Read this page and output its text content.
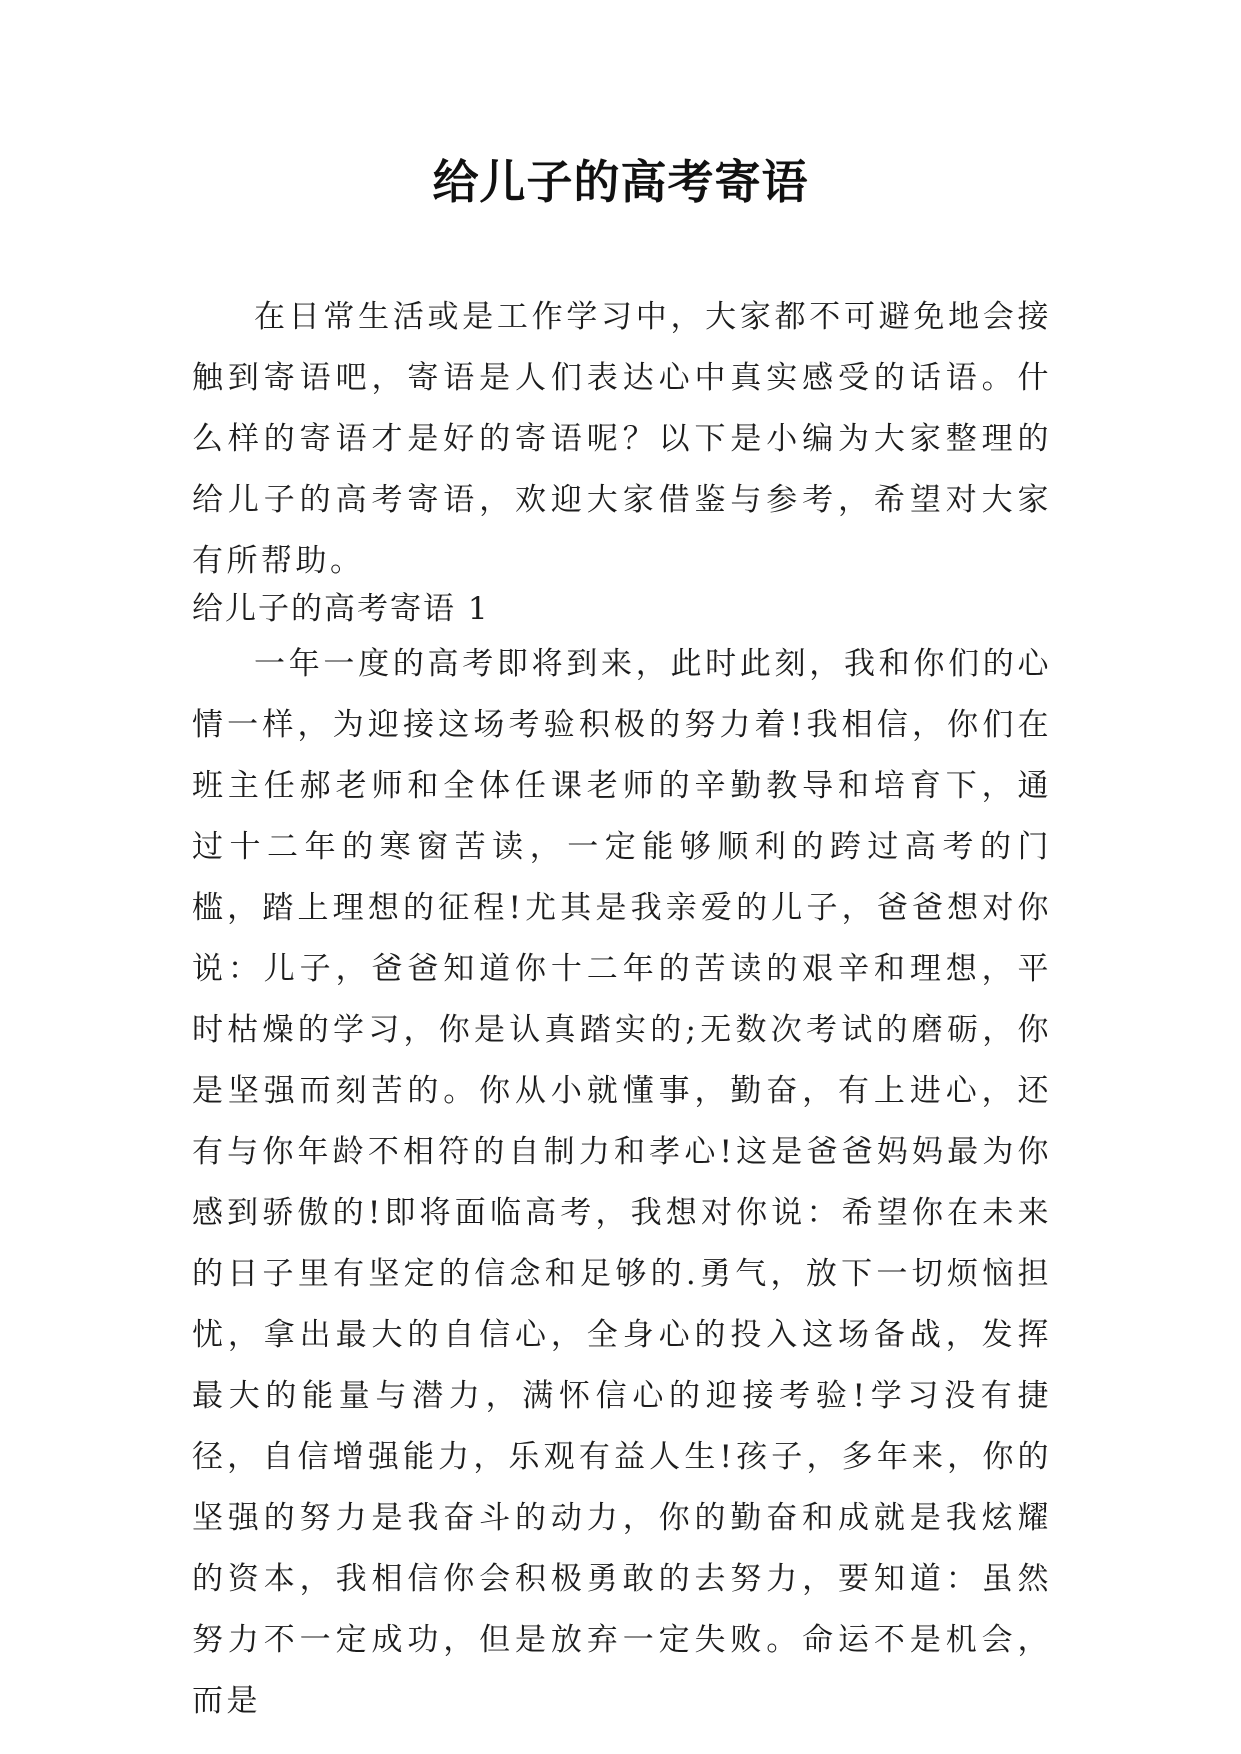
给儿子的高考寄语
在日常生活或是工作学习中，大家都不可避免地会接触到寄语吧，寄语是人们表达心中真实感受的话语。什么样的寄语才是好的寄语呢？以下是小编为大家整理的给儿子的高考寄语，欢迎大家借鉴与参考，希望对大家有所帮助。
给儿子的高考寄语 1
一年一度的高考即将到来，此时此刻，我和你们的心情一样，为迎接这场考验积极的努力着!我相信，你们在班主任郝老师和全体任课老师的辛勤教导和培育下，通过十二年的寒窗苦读，一定能够顺利的跨过高考的门槛，踏上理想的征程!尤其是我亲爱的儿子，爸爸想对你说：儿子，爸爸知道你十二年的苦读的艰辛和理想，平时枯燥的学习，你是认真踏实的;无数次考试的磨砺，你是坚强而刻苦的。你从小就懂事，勤奋，有上进心，还有与你年龄不相符的自制力和孝心!这是爸爸妈妈最为你感到骄傲的!即将面临高考，我想对你说：希望你在未来的日子里有坚定的信念和足够的.勇气，放下一切烦恼担忧，拿出最大的自信心，全身心的投入这场备战，发挥最大的能量与潜力，满怀信心的迎接考验!学习没有捷径，自信增强能力，乐观有益人生!孩子，多年来，你的坚强的努力是我奋斗的动力，你的勤奋和成就是我炫耀的资本，我相信你会积极勇敢的去努力，要知道：虽然努力不一定成功，但是放弃一定失败。命运不是机会，而是
